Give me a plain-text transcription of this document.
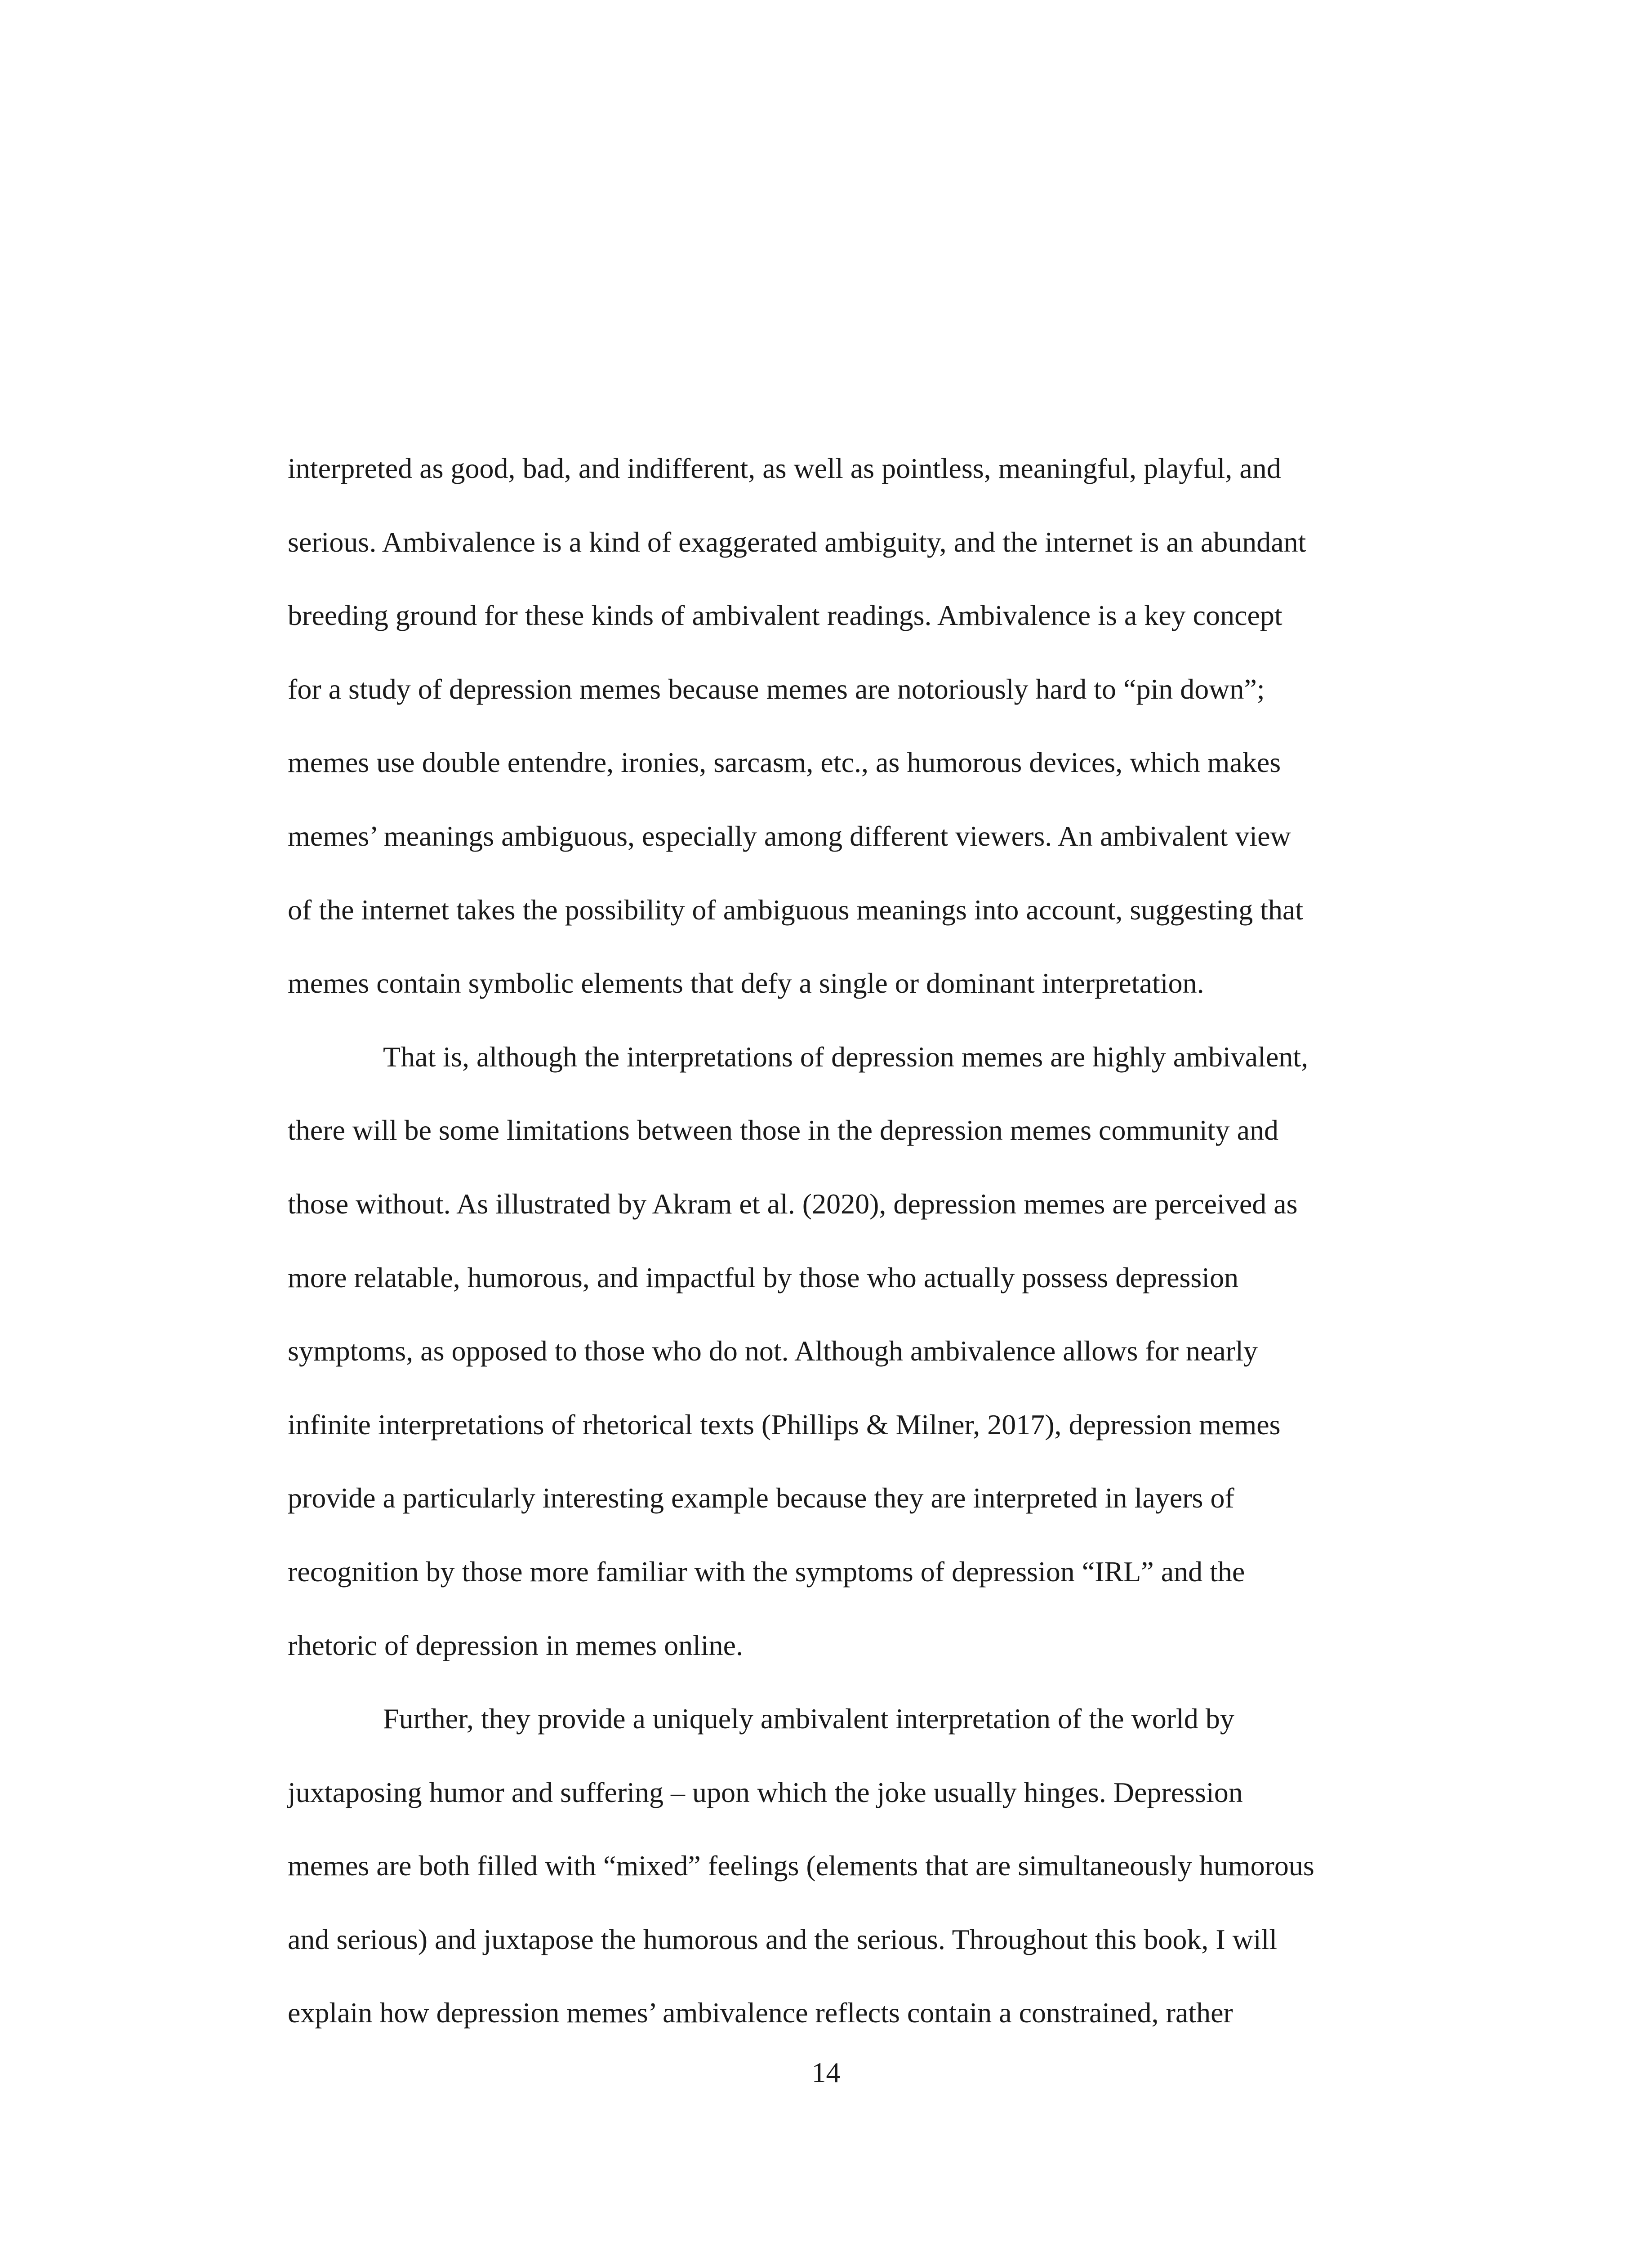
interpreted as good, bad, and indifferent, as well as pointless, meaningful, playful, and
serious. Ambivalence is a kind of exaggerated ambiguity, and the internet is an abundant
breeding ground for these kinds of ambivalent readings. Ambivalence is a key concept
for a study of depression memes because memes are notoriously hard to “pin down”;
memes use double entendre, ironies, sarcasm, etc., as humorous devices, which makes
memes’ meanings ambiguous, especially among different viewers. An ambivalent view
of the internet takes the possibility of ambiguous meanings into account, suggesting that
memes contain symbolic elements that defy a single or dominant interpretation.

That is, although the interpretations of depression memes are highly ambivalent,
there will be some limitations between those in the depression memes community and
those without. As illustrated by Akram et al. (2020), depression memes are perceived as
more relatable, humorous, and impactful by those who actually possess depression
symptoms, as opposed to those who do not. Although ambivalence allows for nearly
infinite interpretations of rhetorical texts (Phillips & Milner, 2017), depression memes
provide a particularly interesting example because they are interpreted in layers of
recognition by those more familiar with the symptoms of depression “IRL” and the
rhetoric of depression in memes online.

Further, they provide a uniquely ambivalent interpretation of the world by
juxtaposing humor and suffering – upon which the joke usually hinges. Depression
memes are both filled with “mixed” feelings (elements that are simultaneously humorous
and serious) and juxtapose the humorous and the serious. Throughout this book, I will
explain how depression memes’ ambivalence reflects contain a constrained, rather

14
